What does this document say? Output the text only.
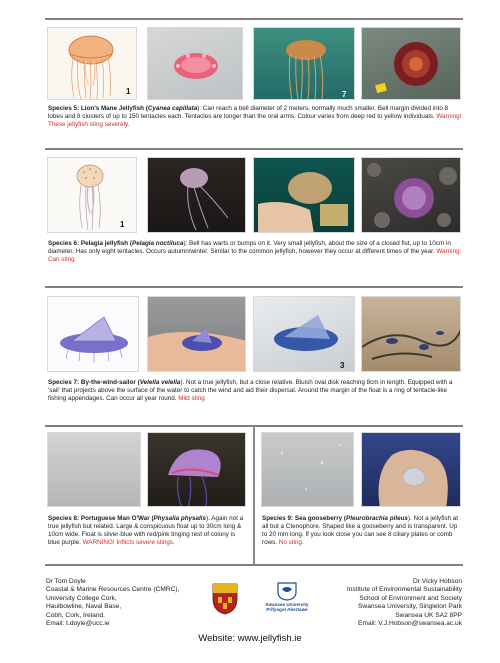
1	7
Species 5: Lion's Mane Jellyfish (Cyanea capillata): Can reach a bell diameter of 2 meters, normally much smaller. Bell margin divided into 8 lobes and 8 clusters of up to 150 tentacles each. Tentacles are longer than the oral arms. Colour varies from deep red to yellow individuals. Warning! These jellyfish sting severely.
1
Species 6: Pelagia jellyfish (Pelagia noctiluca): Bell has warts or bumps on it. Very small jellyfish, about the size of a closed fist, up to 10cm in diameter. Has only eight tentacles. Occurs autumn/winter. Similar to the common jellyfish, however they occur at different times of the year. Warning: Can sting
3
Species 7: By-the-wind-sailor (Velella velella). Not a true jellyfish, but a close relative. Bluish oval disk reaching 8cm in length. Equipped with a 'sail' that projects above the surface of the water to catch the wind and aid their dispersal. Around the margin of the float is a ring of tentacle-like fishing appendages. Can occur all year round. Mild sting
Species 8: Portuguese Man O'War (Physalia physalis). Again not a true jellyfish but related. Large & conspicuous float up to 30cm long & 10cm wide. Float is silver-blue with red/pink tinging rest of colony is blue purple. WARNING! Inflicts severe stings.
Species 9: Sea gooseberry (Pleurobrachia pileus). Not a jellyfish at all but a Ctenophore. Shaped like a gooseberry and is transparent. Up to 20 mm long. If you look close you can see 8 ciliary plates or comb rows. No sting.
Dr Tom Doyle
Coastal & Marine Resources Centre (CMRC),
University College Cork,
Haulbowline, Naval Base,
Cobh, Cork, Ireland.
Email: t.doyle@ucc.ie
Swansea University
Prifysgol Abertawe
Dr Vicky Hobson
Institute of Environmental Sustainability
School of Environment and Society
Swansea University, Singleton Park
Swansea UK SA2 8PP
Email: V.J.Hobson@swansea.ac.uk
Website: www.jellyfish.ie
